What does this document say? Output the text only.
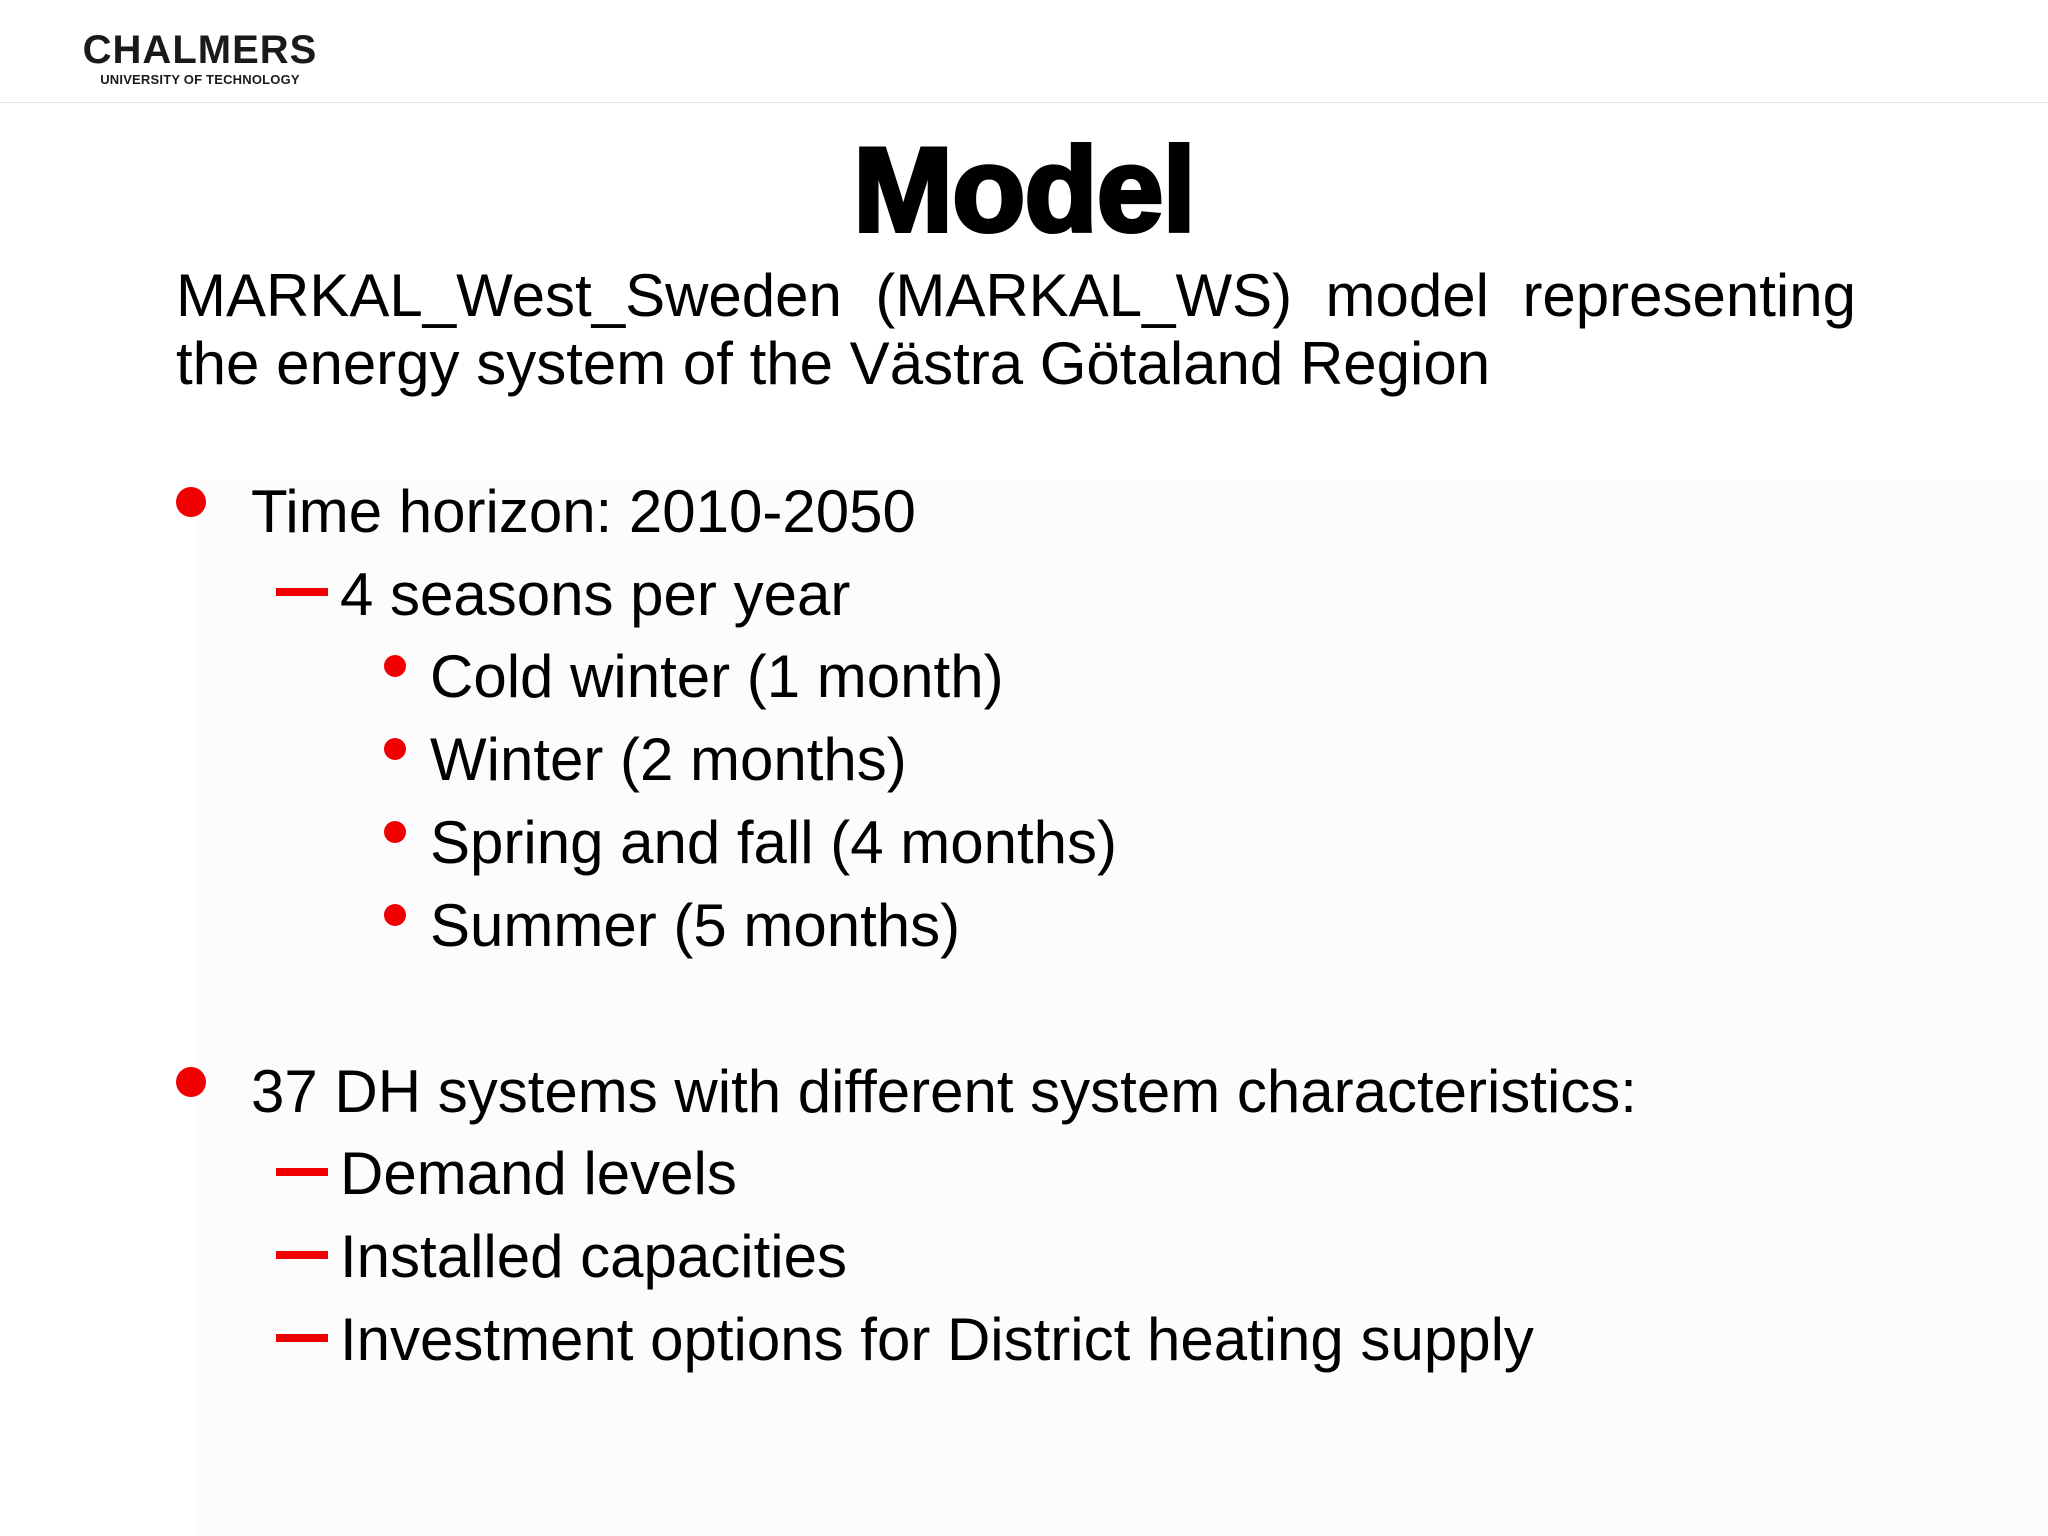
CHALMERS
UNIVERSITY OF TECHNOLOGY
Model

MARKAL_West_Sweden (MARKAL_WS) model representing the energy system of the Västra Götaland Region

Time horizon: 2010-2050
4 seasons per year
Cold winter (1 month)
Winter (2 months)
Spring and fall (4 months)
Summer (5 months)
37 DH systems with different system characteristics:
Demand levels
Installed capacities
Investment options for District heating supply
